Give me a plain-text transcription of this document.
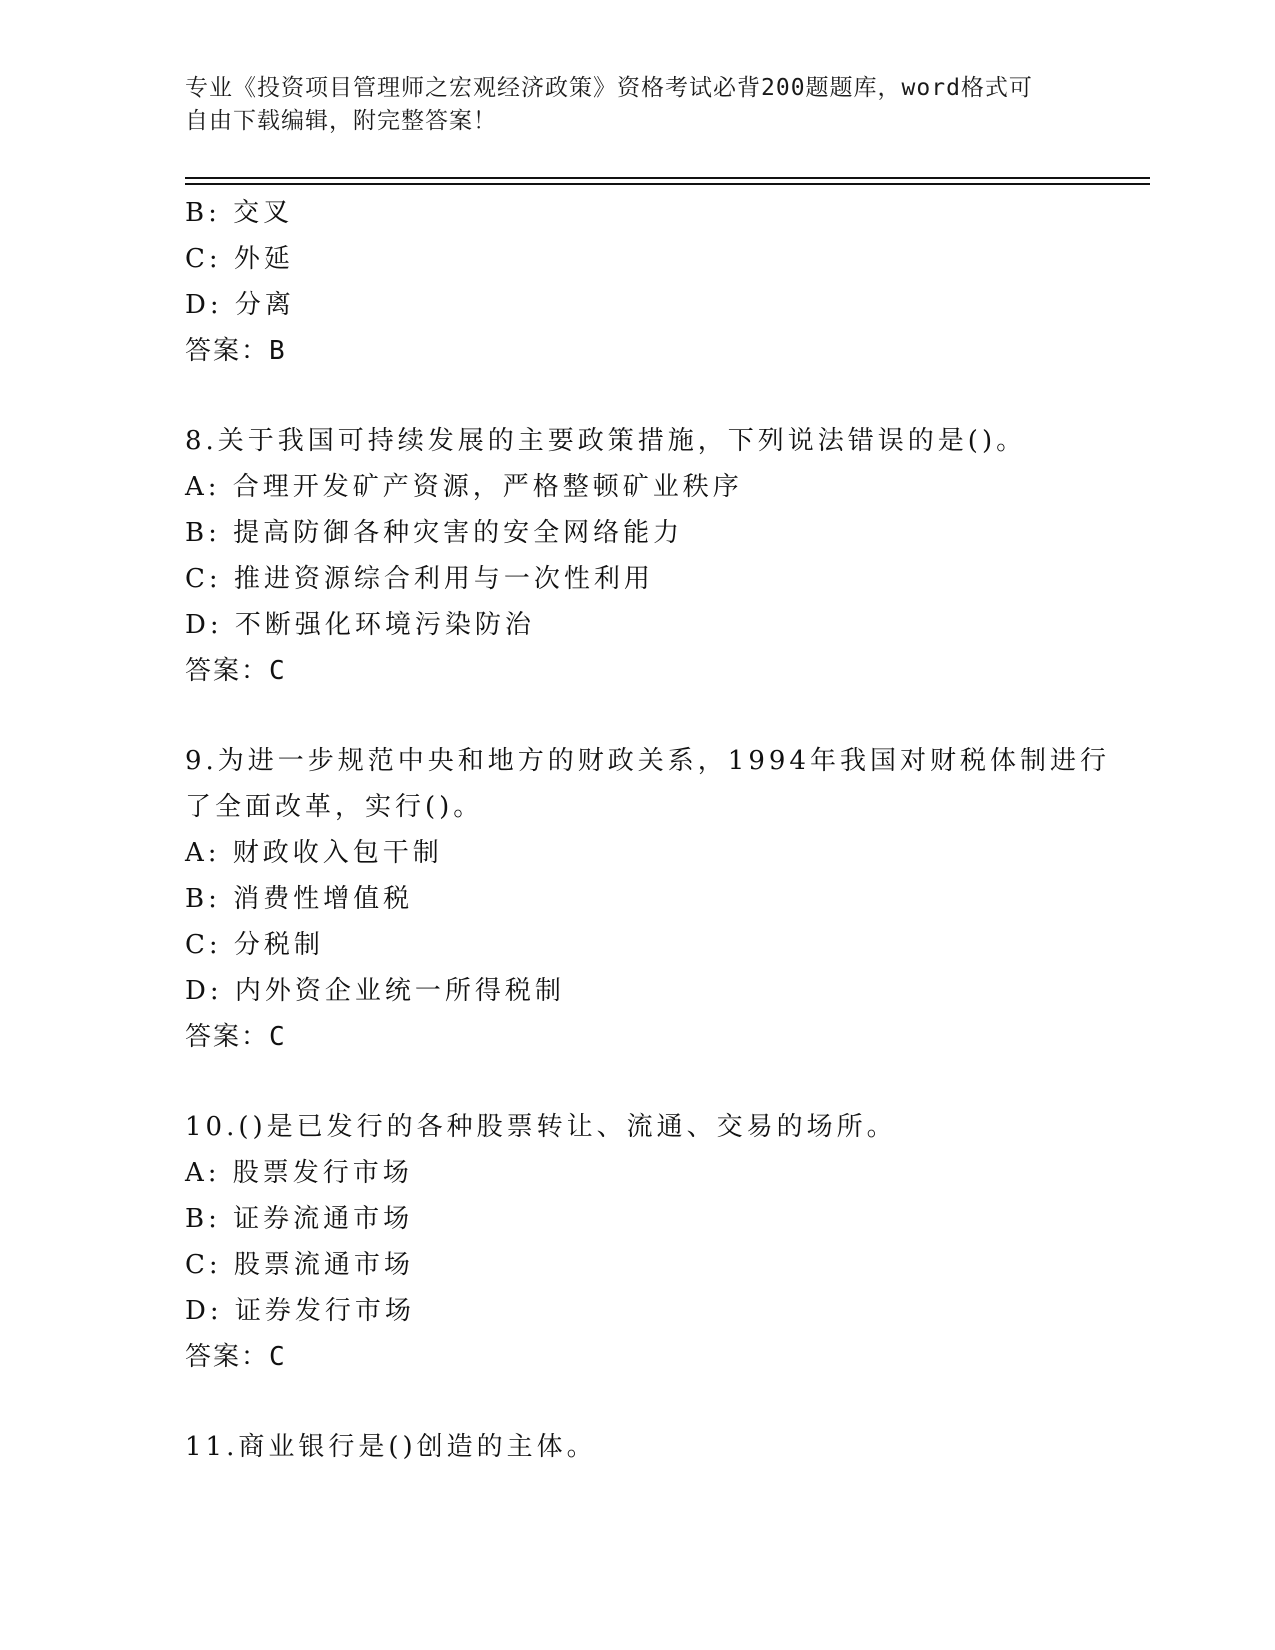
专业《投资项目管理师之宏观经济政策》资格考试必背200题题库，word格式可
自由下载编辑，附完整答案！
B: 交叉
C: 外延
D: 分离
答案：B
8.关于我国可持续发展的主要政策措施，下列说法错误的是()。
A: 合理开发矿产资源，严格整顿矿业秩序
B: 提高防御各种灾害的安全网络能力
C: 推进资源综合利用与一次性利用
D: 不断强化环境污染防治
答案：C
9.为进一步规范中央和地方的财政关系，1994年我国对财税体制进行
了全面改革，实行()。
A: 财政收入包干制
B: 消费性增值税
C: 分税制
D: 内外资企业统一所得税制
答案：C
10.()是已发行的各种股票转让、流通、交易的场所。
A: 股票发行市场
B: 证券流通市场
C: 股票流通市场
D: 证券发行市场
答案：C
11.商业银行是()创造的主体。
